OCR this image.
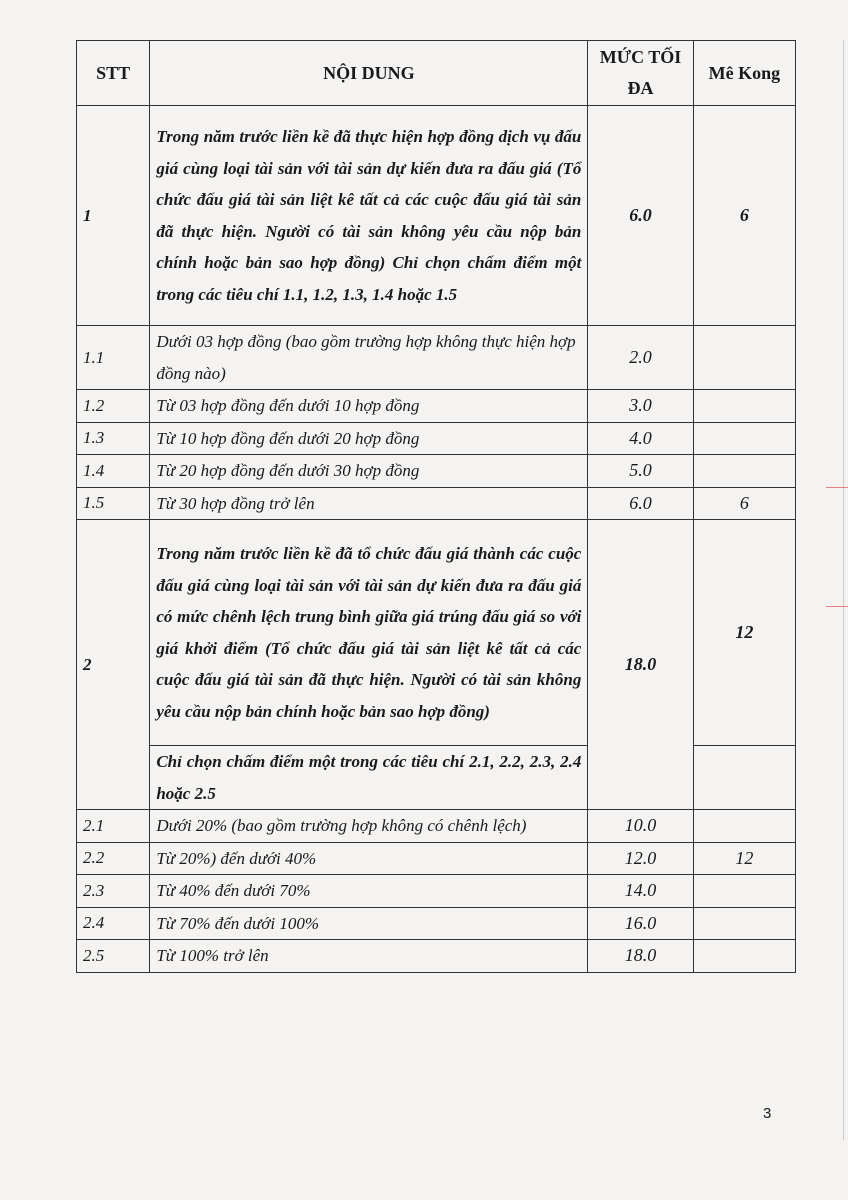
STT	NỘI DUNG	MỨC TỐI ĐA	Mê Kong
1	Trong năm trước liền kề đã thực hiện hợp đồng dịch vụ đấu giá cùng loại tài sản với tài sản dự kiến đưa ra đấu giá (Tổ chức đấu giá tài sản liệt kê tất cả các cuộc đấu giá tài sản đã thực hiện. Người có tài sản không yêu cầu nộp bản chính hoặc bản sao hợp đồng) Chỉ chọn chấm điểm một trong các tiêu chí 1.1, 1.2, 1.3, 1.4 hoặc 1.5	6.0	6
1.1	Dưới 03 hợp đồng (bao gồm trường hợp không thực hiện hợp đồng nào)	2.0	
1.2	Từ 03 hợp đồng đến dưới 10 hợp đồng	3.0	
1.3	Từ 10 hợp đồng đến dưới 20 hợp đồng	4.0	
1.4	Từ 20 hợp đồng đến dưới 30 hợp đồng	5.0	
1.5	Từ 30 hợp đồng trở lên	6.0	6
2	Trong năm trước liền kề đã tổ chức đấu giá thành các cuộc đấu giá cùng loại tài sản với tài sản dự kiến đưa ra đấu giá có mức chênh lệch trung bình giữa giá trúng đấu giá so với giá khởi điểm (Tổ chức đấu giá tài sản liệt kê tất cả các cuộc đấu giá tài sản đã thực hiện. Người có tài sản không yêu cầu nộp bản chính hoặc bản sao hợp đồng)	18.0	12
	Chỉ chọn chấm điểm một trong các tiêu chí 2.1, 2.2, 2.3, 2.4 hoặc 2.5		
2.1	Dưới 20% (bao gồm trường hợp không có chênh lệch)	10.0	
2.2	Từ 20%) đến dưới 40%	12.0	12
2.3	Từ 40% đến dưới 70%	14.0	
2.4	Từ 70% đến dưới 100%	16.0	
2.5	Từ 100% trở lên	18.0	
3
